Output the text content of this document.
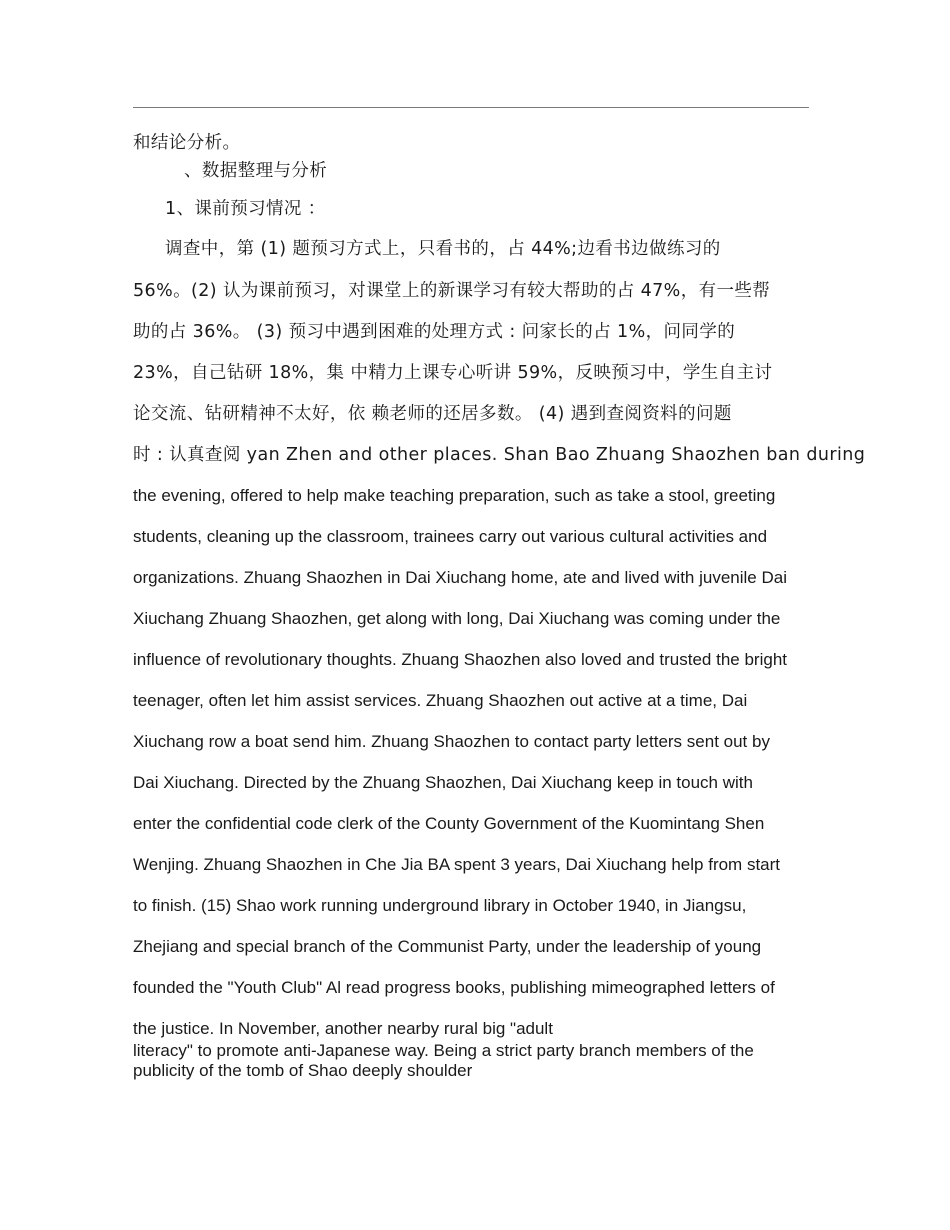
和结论分析。
、数据整理与分析
1、课前预习情况 ：
调查中，第 (1) 题预习方式上，只看书的，占 44%;边看书边做练习的
56%。(2) 认为课前预习，对课堂上的新课学习有较大帮助的占 47%，有一些帮
助的占 36%。 (3) 预习中遇到困难的处理方式 : 问家长的占 1%，问同学的
23%，自己钻研 18%，集 中精力上课专心听讲 59%，反映预习中，学生自主讨
论交流、钻研精神不太好，依 赖老师的还居多数。 (4) 遇到查阅资料的问题
时 : 认真查阅 yan Zhen and other places. Shan Bao Zhuang Shaozhen ban during
the evening, offered to help make teaching preparation, such as take a stool, greeting
students, cleaning up the classroom, trainees carry out various cultural activities and
organizations. Zhuang Shaozhen in Dai Xiuchang home, ate and lived with juvenile Dai
Xiuchang Zhuang Shaozhen, get along with long, Dai Xiuchang was coming under the
influence of revolutionary thoughts. Zhuang Shaozhen also loved and trusted the bright
teenager, often let him assist services. Zhuang Shaozhen out active at a time, Dai
Xiuchang row a boat send him. Zhuang Shaozhen to contact party letters sent out by
Dai Xiuchang. Directed by the Zhuang Shaozhen, Dai Xiuchang keep in touch with
enter the confidential code clerk of the County Government of the Kuomintang Shen
Wenjing. Zhuang Shaozhen in Che Jia BA spent 3 years, Dai Xiuchang help from start
to finish. (15) Shao work running underground library in October 1940, in Jiangsu,
Zhejiang and special branch of the Communist Party, under the leadership of young
founded the "Youth Club" Al read progress books, publishing mimeographed letters of
the justice. In November, another nearby rural big "adult
literacy" to promote anti-Japanese way. Being a strict party branch members of the
publicity of the tomb of Shao deeply shoulder
